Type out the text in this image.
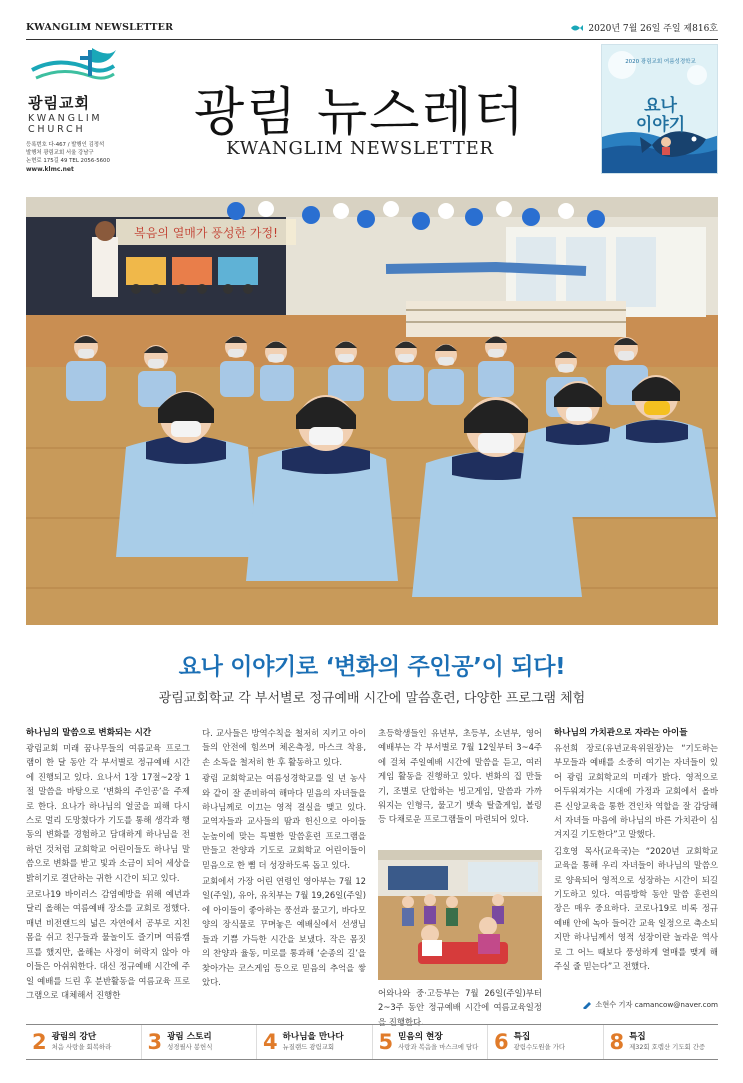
KWANGLIM NEWSLETTER	2020년 7월 26일 주일 제816호
광림교회
KWANGLIM
CHURCH
등록번호 다-467 / 발행인 김정석
발행처 광림교회 서울 강남구
논현로 175길 49 TEL 2056-5600
www.klmc.net
광림 뉴스레터
KWANGLIM NEWSLETTER
2020 광림교회 여름성경학교
요나
이야기
복음의 열매가 풍성한 가정!
요나 이야기로 ‘변화의 주인공’이 되다!
광림교회학교 각 부서별로 정규예배 시간에 말씀훈련, 다양한 프로그램 체험
하나님의 말씀으로 변화되는 시간

광림교회 미래 꿈나무들의 여름교육 프로그램이 한 달 동안 각 부서별로 정규예배 시간에 진행되고 있다. 요나서 1장 17절~2장 1절 말씀을 바탕으로 ‘변화의 주인공’을 주제로 한다. 요나가 하나님의 얼굴을 피해 다시스로 멀리 도망쳤다가 기도를 통해 생각과 행동의 변화를 경험하고 담대하게 하나님을 전하던 것처럼 교회학교 어린이들도 하나님 말씀으로 변화를 받고 빛과 소금이 되어 세상을 밝히기로 결단하는 귀한 시간이 되고 있다.

코로나19 바이러스 감염예방을 위해 예년과 달리 올해는 여름예배 장소를 교회로 정했다. 매년 비전랜드의 넓은 자연에서 공부로 지친 몸을 쉬고 친구들과 물놀이도 즐기며 여름캠프를 했지만, 올해는 사정이 허락지 않아 아이들은 아쉬워한다. 대신 정규예배 시간에 주일 예배를 드린 후 분반활동을 여름교육 프로그램으로 대체해서 진행한

다. 교사들은 방역수칙을 철저히 지키고 아이들의 안전에 힘쓰며 체온측정, 마스크 착용, 손 소독을 철저히 한 후 활동하고 있다.

광림 교회학교는 여름성경학교를 일 년 농사와 같이 잘 준비하여 해마다 믿음의 자녀들을 하나님께로 이끄는 영적 결실을 맺고 있다. 교역자들과 교사들의 땀과 헌신으로 아이들 눈높이에 맞는 특별한 말씀훈련 프로그램을 만들고 찬양과 기도로 교회학교 어린이들이 믿음으로 한 뼘 더 성장하도록 돕고 있다.

교회에서 가장 어린 연령인 영아부는 7월 12일(주일), 유아, 유치부는 7월 19,26일(주일) 에 아이들이 좋아하는 풍선과 물고기, 바다모양의 장식물로 꾸며놓은 예배실에서 선생님들과 기쁨 가득한 시간을 보냈다. 작은 몸짓의 찬양과 율동, 미로를 통과해 ‘순종의 길’을 찾아가는 코스게임 등으로 믿음의 추억을 쌓았다.

초등학생들인 유년부, 초등부, 소년부, 영어예배부는 각 부서별로 7월 12일부터 3~4주에 걸쳐 주일예배 시간에 말씀을 듣고, 여러 게임 활동을 진행하고 있다. 변화의 집 만들기, 조별로 단합하는 빙고게임, 말씀과 가까워지는 인형극, 물고기 뱃속 탈출게임, 볼링 등 다채로운 프로그램들이 마련되어 있다.

어와나와 중·고등부는 7월 26일(주일)부터 2~3주 동안 정규예배 시간에 여름교육일정을 진행한다.

하나님의 가치관으로 자라는 아이들

유선희 장로(유년교육위원장)는 “기도하는 부모들과 예배를 소중히 여기는 자녀들이 있어 광림 교회학교의 미래가 밝다. 영적으로 어두워져가는 시대에 가정과 교회에서 올바른 신앙교육을 통한 견인차 역할을 잘 감당해서 자녀들 마음에 하나님의 바른 가치관이 심겨지길 기도한다”고 말했다.

김호영 목사(교육국)는 “2020년 교회학교 교육을 통해 우리 자녀들이 하나님의 말씀으로 양육되어 영적으로 성장하는 시간이 되길 기도하고 있다. 여름방학 동안 말씀 훈련의 장은 매우 중요하다. 코로나19로 비록 정규예배 안에 녹아 들어간 교육 일정으로 축소되지만 하나님께서 영적 성장이란 놀라운 역사로 그 어느 때보다 풍성하게 열매를 맺게 해 주실 줄 믿는다”고 전했다.

소현수 기자 camancow@naver.com
2 광림의 강단
처음 사랑을 회복하라 3 광림 스토리
성경필사 봉헌식 4 하나님을 만나다
뉴질랜드 광림교회	5 믿음의 현장
사랑과 복음을 마스크에 담다 6 특집
광림수도원을 가다 8 특집
제32회 호렙산 기도회 간증
